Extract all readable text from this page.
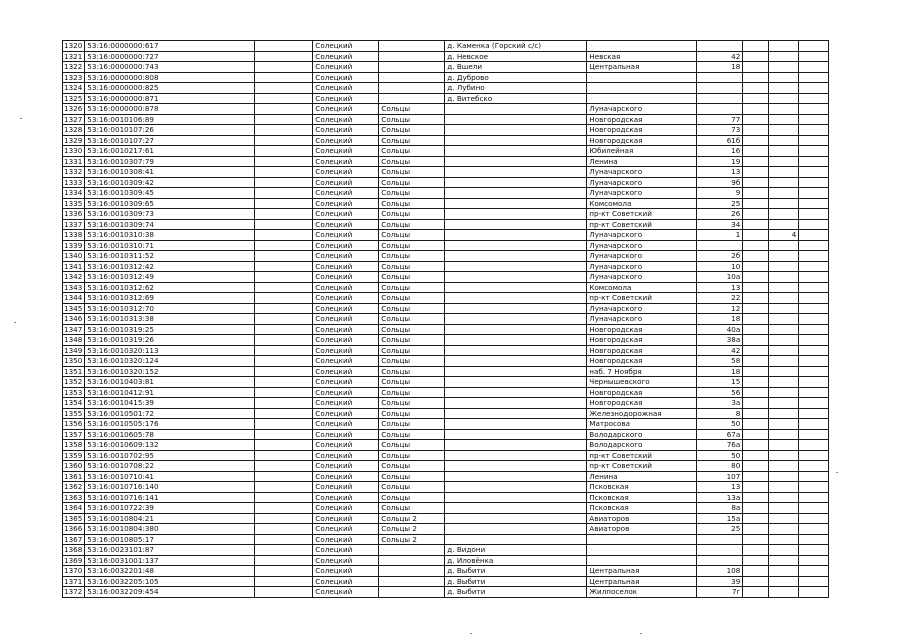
1320	53:16:0000000:617		Солецкий		д. Каменка (Горский с/с)					
1321	53:16:0000000:727		Солецкий		д. Невское	Невская	42			
1322	53:16:0000000:743		Солецкий		д. Вшели	Центральная	18			
1323	53:16:0000000:808		Солецкий		д. Дуброво					
1324	53:16:0000000:825		Солецкий		д. Лубино					
1325	53:16:0000000:871		Солецкий		д. Витебско					
1326	53:16:0000000:878		Солецкий	Сольцы		Луначарского				
1327	53:16:0010106:89		Солецкий	Сольцы		Новгородская	77			
1328	53:16:0010107:26		Солецкий	Сольцы		Новгородская	73			
1329	53:16:0010107:27		Солецкий	Сольцы		Новгородская	61б			
1330	53:16:0010217:61		Солецкий	Сольцы		Юбилейная	16			
1331	53:16:0010307:79		Солецкий	Сольцы		Ленина	19			
1332	53:16:0010308:41		Солецкий	Сольцы		Луначарского	13			
1333	53:16:0010309:42		Солецкий	Сольцы		Луначарского	9б			
1334	53:16:0010309:45		Солецкий	Сольцы		Луначарского	9			
1335	53:16:0010309:65		Солецкий	Сольцы		Комсомола	25			
1336	53:16:0010309:73		Солецкий	Сольцы		пр-кт Советский	26			
1337	53:16:0010309:74		Солецкий	Сольцы		пр-кт Советский	34			
1338	53:16:0010310:38		Солецкий	Сольцы		Луначарского	1		4	
1339	53:16:0010310:71		Солецкий	Сольцы		Луначарского				
1340	53:16:0010311:52		Солецкий	Сольцы		Луначарского	2б			
1341	53:16:0010312:42		Солецкий	Сольцы		Луначарского	10			
1342	53:16:0010312:49		Солецкий	Сольцы		Луначарского	10а			
1343	53:16:0010312:62		Солецкий	Сольцы		Комсомола	13			
1344	53:16:0010312:69		Солецкий	Сольцы		пр-кт Советский	22			
1345	53:16:0010312:70		Солецкий	Сольцы		Луначарского	12			
1346	53:16:0010313:38		Солецкий	Сольцы		Луначарского	18			
1347	53:16:0010319:25		Солецкий	Сольцы		Новгородская	40а			
1348	53:16:0010319:26		Солецкий	Сольцы		Новгородская	38а			
1349	53:16:0010320:113		Солецкий	Сольцы		Новгородская	42			
1350	53:16:0010320:124		Солецкий	Сольцы		Новгородская	58			
1351	53:16:0010320:152		Солецкий	Сольцы		наб. 7 Ноября	18			
1352	53:16:0010403:81		Солецкий	Сольцы		Чернышевского	15			
1353	53:16:0010412:91		Солецкий	Сольцы		Новгородская	56			
1354	53:16:0010415:39		Солецкий	Сольцы		Новгородская	3а			
1355	53:16:0010501:72		Солецкий	Сольцы		Железнодорожная	8			
1356	53:16:0010505:176		Солецкий	Сольцы		Матросова	50			
1357	53:16:0010605:78		Солецкий	Сольцы		Володарского	67а			
1358	53:16:0010609:132		Солецкий	Сольцы		Володарского	76а			
1359	53:16:0010702:95		Солецкий	Сольцы		пр-кт Советский	50			
1360	53:16:0010708:22		Солецкий	Сольцы		пр-кт Советский	80			
1361	53:16:0010710:41		Солецкий	Сольцы		Ленина	107			
1362	53:16:0010716:140		Солецкий	Сольцы		Псковская	13			
1363	53:16:0010716:141		Солецкий	Сольцы		Псковская	13а			
1364	53:16:0010722:39		Солецкий	Сольцы		Псковская	8а			
1365	53:16:0010804:21		Солецкий	Сольцы 2		Авиаторов	15а			
1366	53:16:0010804:380		Солецкий	Сольцы 2		Авиаторов	25			
1367	53:16:0010805:17		Солецкий	Сольцы 2						
1368	53:16:0023101:87		Солецкий		д. Видони					
1369	53:16:0031001:137		Солецкий		д. Иловёнка					
1370	53:16:0032201:48		Солецкий		д. Выбити	Центральная	108			
1371	53:16:0032205:105		Солецкий		д. Выбити	Центральная	39			
1372	53:16:0032209:454		Солецкий		д. Выбити	Жилпоселок	7г			
